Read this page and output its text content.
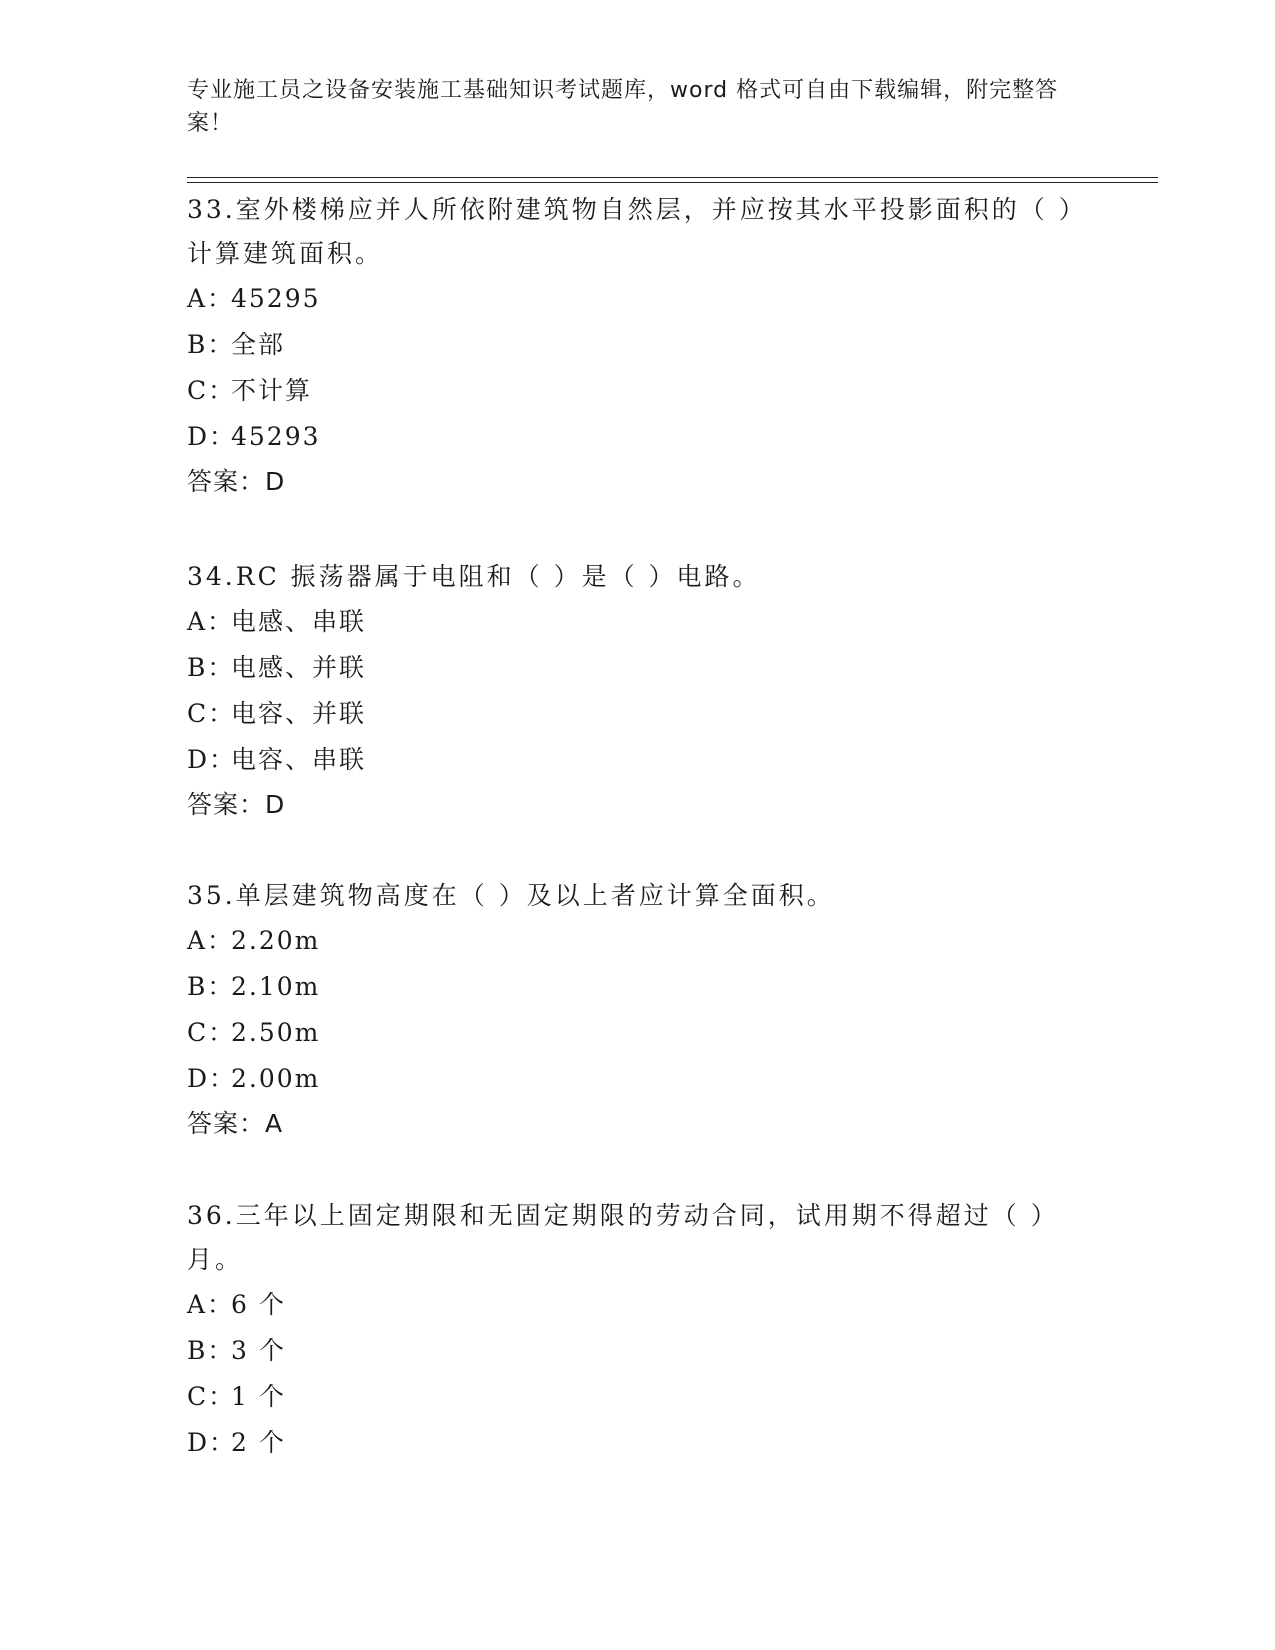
专业施工员之设备安装施工基础知识考试题库，word 格式可自由下载编辑，附完整答案！

33.室外楼梯应并人所依附建筑物自然层，并应按其水平投影面积的（ ）计算建筑面积。

A：45295
B：全部
C：不计算
D：45293
答案：D

34.RC 振荡器属于电阻和（ ）是（ ）电路。

A：电感、串联
B：电感、并联
C：电容、并联
D：电容、串联
答案：D

35.单层建筑物高度在（ ）及以上者应计算全面积。

A：2.20m
B：2.10m
C：2.50m
D：2.00m
答案：A

36.三年以上固定期限和无固定期限的劳动合同，试用期不得超过（ ）月。

A：6 个
B：3 个
C：1 个
D：2 个
